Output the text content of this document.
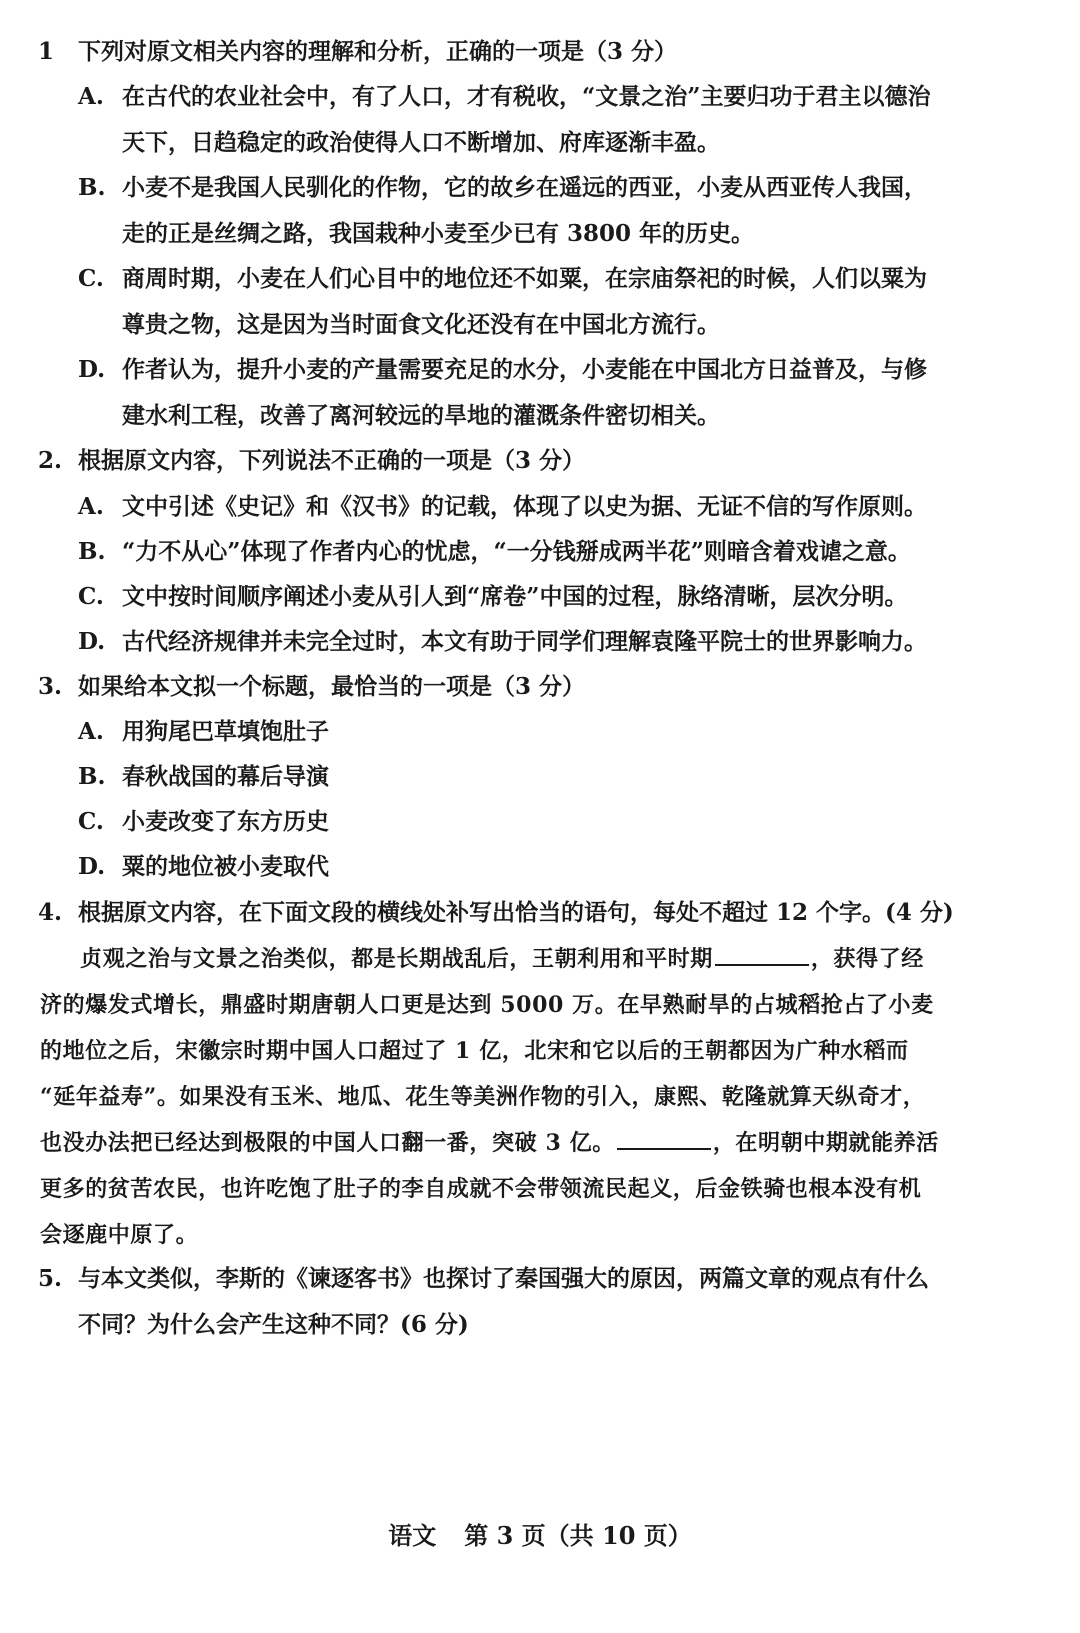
1 下列对原文相关内容的理解和分析，正确的一项是（3 分）
A. 在古代的农业社会中，有了人口，才有税收，“文景之治”主要归功于君主以德治
天下，日趋稳定的政治使得人口不断增加、府库逐渐丰盈。
B. 小麦不是我国人民驯化的作物，它的故乡在遥远的西亚，小麦从西亚传人我国，
走的正是丝绸之路，我国栽种小麦至少已有 3800 年的历史。
C. 商周时期，小麦在人们心目中的地位还不如粟，在宗庙祭祀的时候，人们以粟为
尊贵之物，这是因为当时面食文化还没有在中国北方流行。
D. 作者认为，提升小麦的产量需要充足的水分，小麦能在中国北方日益普及，与修
建水利工程，改善了离河较远的旱地的灌溉条件密切相关。
2. 根据原文内容，下列说法不正确的一项是（3 分）
A. 文中引述《史记》和《汉书》的记载，体现了以史为据、无证不信的写作原则。
B. “力不从心”体现了作者内心的忧虑，“一分钱掰成两半花”则暗含着戏谑之意。
C. 文中按时间顺序阐述小麦从引人到“席卷”中国的过程，脉络清晰，层次分明。
D. 古代经济规律并未完全过时，本文有助于同学们理解袁隆平院士的世界影响力。
3. 如果给本文拟一个标题，最恰当的一项是（3 分）
A. 用狗尾巴草填饱肚子
B. 春秋战国的幕后导演
C. 小麦改变了东方历史
D. 粟的地位被小麦取代
4. 根据原文内容，在下面文段的横线处补写出恰当的语句，每处不超过 12 个字。(4 分)
贞观之治与文景之治类似，都是长期战乱后，王朝利用和平时期	，获得了经
济的爆发式增长，鼎盛时期唐朝人口更是达到 5000 万。在早熟耐旱的占城稻抢占了小麦
的地位之后，宋徽宗时期中国人口超过了 1 亿，北宋和它以后的王朝都因为广种水稻而
“延年益寿”。如果没有玉米、地瓜、花生等美洲作物的引入，康熙、乾隆就算天纵奇才，
也没办法把已经达到极限的中国人口翻一番，突破 3 亿。	，在明朝中期就能养活
更多的贫苦农民，也许吃饱了肚子的李自成就不会带领流民起义，后金铁骑也根本没有机
会逐鹿中原了。
5. 与本文类似，李斯的《谏逐客书》也探讨了秦国强大的原因，两篇文章的观点有什么
不同？为什么会产生这种不同？(6 分)
语文 第 3 页（共 10 页）
